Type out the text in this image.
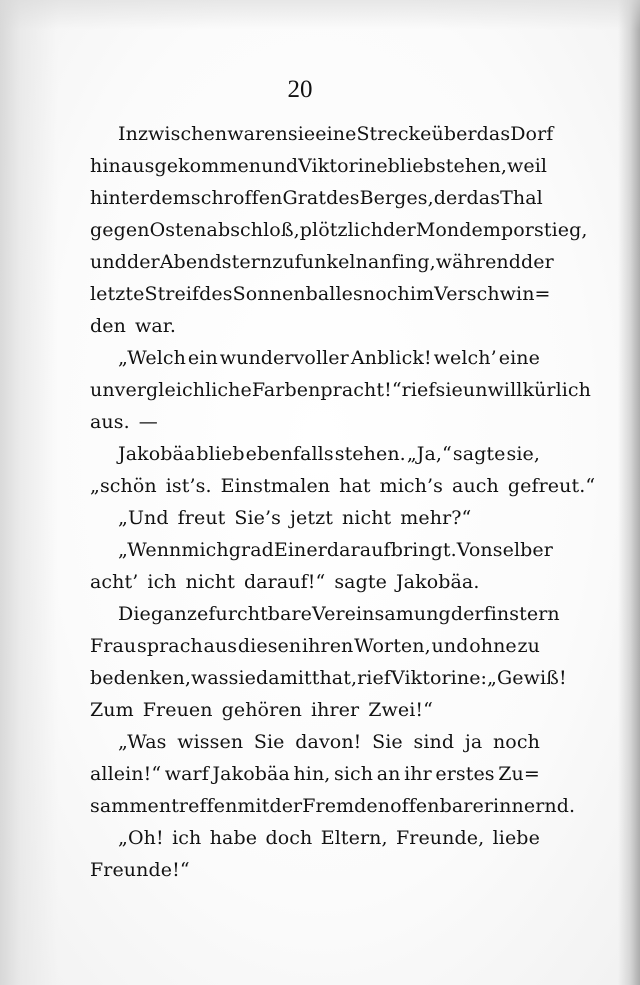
20
Inzwischen waren sie eine Strecke über das Dorf
hinausgekommen und Viktorine blieb stehen, weil
hinter dem schroffen Grat des Berges, der das Thal
gegen Osten abschloß, plötzlich der Mond empor stieg,
und der Abendstern zu funkeln anfing, während der
letzte Streif des Sonnenballes noch im Verschwin=
den war.
„Welch ein wundervoller Anblick! welch’ eine
unvergleichliche Farbenpracht!“ rief sie unwillkürlich
aus. —
Jakobäa blieb ebenfalls stehen. „Ja,“ sagte sie,
„schön ist’s. Einstmalen hat mich’s auch gefreut.“
„Und freut Sie’s jetzt nicht mehr?“
„Wenn mich grad Einer darauf bringt. Von selber
acht’ ich nicht darauf!“ sagte Jakobäa.
Die ganze furchtbare Vereinsamung der finstern
Frau sprach aus diesen ihren Worten, und ohne zu
bedenken, was sie damit that, rief Viktorine: „Gewiß!
Zum Freuen gehören ihrer Zwei!“
„Was wissen Sie davon! Sie sind ja noch
allein!“ warf Jakobäa hin, sich an ihr erstes Zu=
sammentreffen mit der Fremden offenbar erinnernd.
„Oh! ich habe doch Eltern, Freunde, liebe
Freunde!“
